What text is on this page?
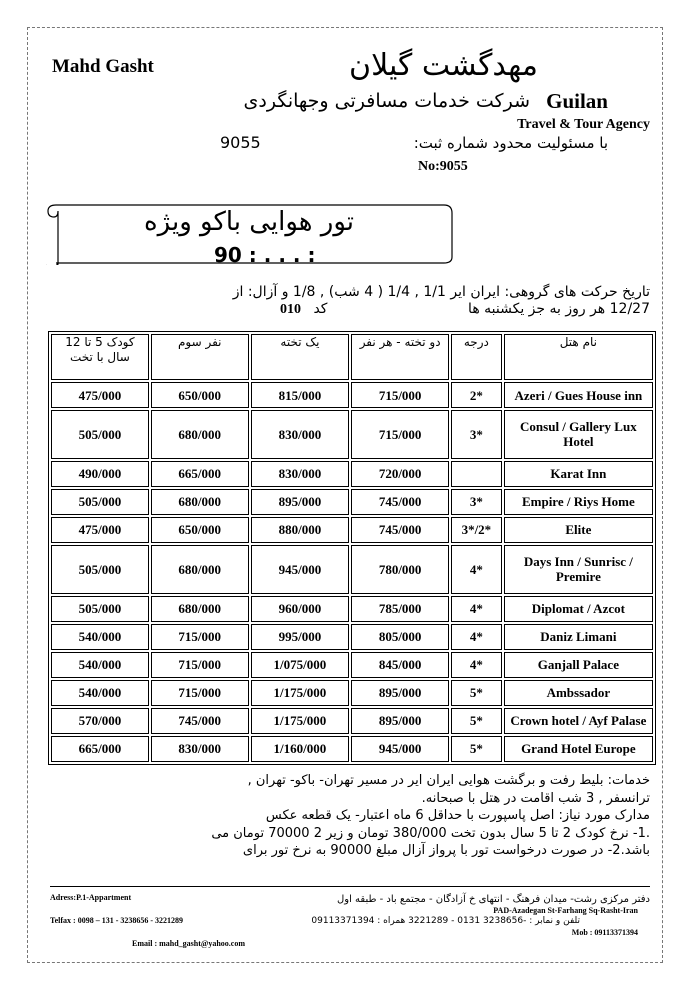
Mahd Gasht	مهدگشت گیلان
Guilan
شرکت خدمات مسافرتی وجهانگردی
Travel & Tour Agency
با مسئولیت محدود شماره ثبت:
9055
No:9055
تور هوایی باکو ویژه
90 : . . . :
تاریخ حرکت های گروهی: ایران ایر 1/1 , 1/4 ( 4 شب) , 1/8 و آزال: از
12/27 هر روز به جز یکشنبه ها
010 کد
کودک 5 تا 12 سال با تخت	نفر سوم	یک تخته	دو تخته - هر نفر	درجه	نام هتل
475/000	650/000	815/000	715/000	2*	Azeri / Gues House inn
505/000	680/000	830/000	715/000	3*	Consul / Gallery Lux Hotel
490/000	665/000	830/000	720/000		Karat Inn
505/000	680/000	895/000	745/000	3*	Empire / Riys Home
475/000	650/000	880/000	745/000	3*/2*	Elite
505/000	680/000	945/000	780/000	4*	Days Inn / Sunrisc / Premire
505/000	680/000	960/000	785/000	4*	Diplomat / Azcot
540/000	715/000	995/000	805/000	4*	Daniz Limani
540/000	715/000	1/075/000	845/000	4*	Ganjall Palace
540/000	715/000	1/175/000	895/000	5*	Ambssador
570/000	745/000	1/175/000	895/000	5*	Crown hotel / Ayf Palase
665/000	830/000	1/160/000	945/000	5*	Grand Hotel Europe
خدمات: بلیط رفت و برگشت هوایی ایران ایر در مسیر تهران- باکو- تهران ,
ترانسفر , 3 شب اقامت در هتل با صبحانه.
مدارک مورد نیاز: اصل پاسپورت با حداقل 6 ماه اعتبار- یک قطعه عکس
.1- نرخ کودک 2 تا 5 سال بدون تخت 380/000 تومان و زیر 2 70000 تومان می
باشد.2- در صورت درخواست تور با پرواز آزال مبلغ 90000 به نرخ تور برای
Adress:P.1-Appartment	دفتر مرکزی رشت- میدان فرهنگ - انتهای خ آزادگان - مجتمع باد - طبقه اول
PAD-Azadegan St-Farhang Sq-Rasht-Iran
Telfax : 0098 – 131 - 3238656 - 3221289	تلفن و نمابر : -3238656 0131 - 3221289 همراه : 09113371394
Mob : 09113371394
Email : mahd_gasht@yahoo.com
